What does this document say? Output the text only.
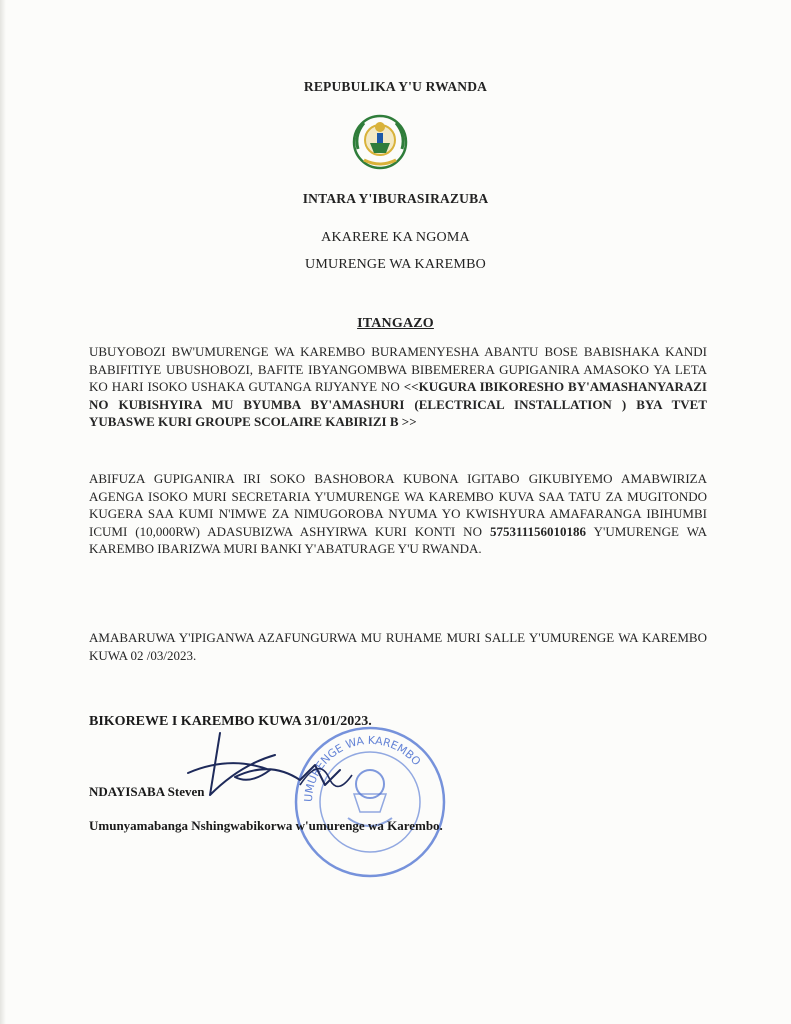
REPUBULIKA Y'U RWANDA
INTARA Y'IBURASIRAZUBA
AKARERE KA NGOMA
UMURENGE WA KAREMBO
ITANGAZO
UBUYOBOZI BW'UMURENGE WA KAREMBO BURAMENYESHA ABANTU BOSE BABISHAKA KANDI BABIFITIYE UBUSHOBOZI, BAFITE IBYANGOMBWA BIBEMERERA GUPIGANIRA AMASOKO YA LETA KO HARI ISOKO USHAKA GUTANGA RIJYANYE NO <<KUGURA IBIKORESHO BY'AMASHANYARAZI NO KUBISHYIRA MU BYUMBA BY'AMASHURI (ELECTRICAL INSTALLATION ) BYA TVET YUBASWE KURI GROUPE SCOLAIRE KABIRIZI B >>
ABIFUZA GUPIGANIRA IRI SOKO BASHOBORA KUBONA IGITABO GIKUBIYEMO AMABWIRIZA AGENGA ISOKO MURI SECRETARIA Y'UMURENGE WA KAREMBO KUVA SAA TATU ZA MUGITONDO KUGERA SAA KUMI N'IMWE ZA NIMUGOROBA NYUMA YO KWISHYURA AMAFARANGA IBIHUMBI ICUMI (10,000RW) ADASUBIZWA ASHYIRWA KURI KONTI NO 575311156010186 Y'UMURENGE WA KAREMBO IBARIZWA MURI BANKI Y'ABATURAGE Y'U RWANDA.
AMABARUWA Y'IPIGANWA AZAFUNGURWA MU RUHAME MURI SALLE Y'UMURENGE WA KAREMBO KUWA 02 /03/2023.
BIKOREWE I KAREMBO KUWA 31/01/2023.
UMURENGE WA KAREMBO
NDAYISABA Steven
Umunyamabanga Nshingwabikorwa w'umurenge wa Karembo.
